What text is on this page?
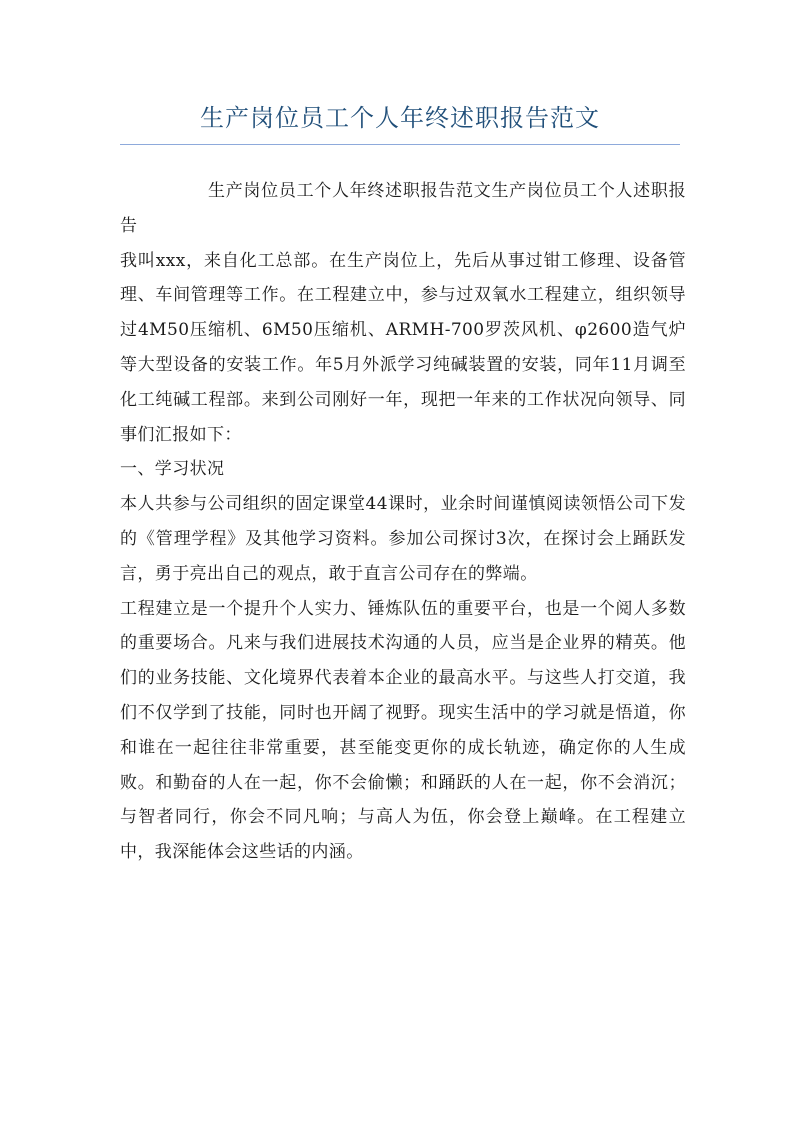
生产岗位员工个人年终述职报告范文

生产岗位员工个人年终述职报告范文生产岗位员工个人述职报告

我叫xxx，来自化工总部。在生产岗位上，先后从事过钳工修理、设备管理、车间管理等工作。在工程建立中，参与过双氧水工程建立，组织领导过4M50压缩机、6M50压缩机、ARMH-700罗茨风机、φ2600造气炉等大型设备的安装工作。年5月外派学习纯碱装置的安装，同年11月调至化工纯碱工程部。来到公司刚好一年，现把一年来的工作状况向领导、同事们汇报如下：

一、学习状况

本人共参与公司组织的固定课堂44课时，业余时间谨慎阅读领悟公司下发的《管理学程》及其他学习资料。参加公司探讨3次，在探讨会上踊跃发言，勇于亮出自己的观点，敢于直言公司存在的弊端。

工程建立是一个提升个人实力、锤炼队伍的重要平台，也是一个阅人多数的重要场合。凡来与我们进展技术沟通的人员，应当是企业界的精英。他们的业务技能、文化境界代表着本企业的最高水平。与这些人打交道，我们不仅学到了技能，同时也开阔了视野。现实生活中的学习就是悟道，你和谁在一起往往非常重要，甚至能变更你的成长轨迹，确定你的人生成败。和勤奋的人在一起，你不会偷懒；和踊跃的人在一起，你不会消沉；与智者同行，你会不同凡响；与高人为伍，你会登上巅峰。在工程建立中，我深能体会这些话的内涵。
